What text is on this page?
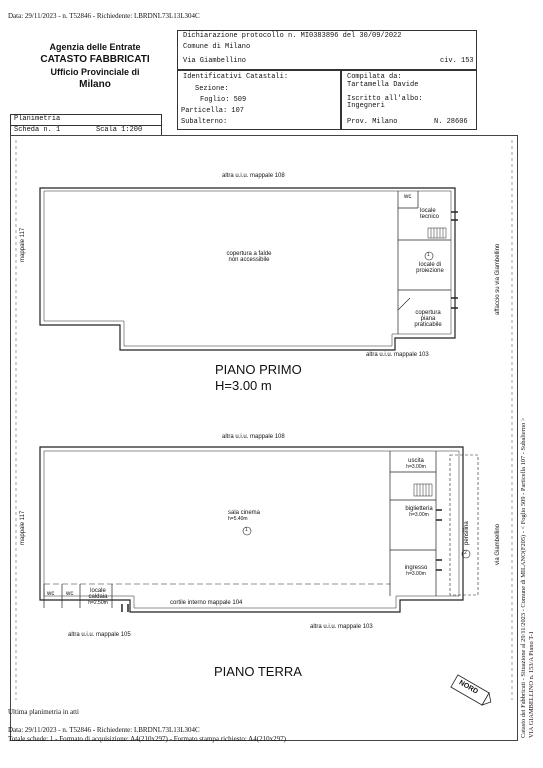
Data: 29/11/2023 - n. T52846 - Richiedente: LBRDNL73L13L304C
Agenzia delle Entrate
CATASTO FABBRICATI
Ufficio Provinciale di
Milano
Dichiarazione protocollo n. MI0383896 del 30/09/2022
Comune di Milano
Via Giambellino	civ. 153
Identificativi Catastali:
Sezione:
Foglio: 509
Particella: 107
Subalterno:
Compilata da:
Tartamella Davide
Iscritto all'albo:
Ingegneri
Prov. Milano	N. 28606
Planimetria
Scheda n. 1	Scala 1:200
altra u.i.u. mappale 108
mappale 117	affaccio su via Giambellino
copertura a falde
non accessibile
wc
locale
tecnico
1
locale di
proiezione
copertura
piana
praticabile
altra u.i.u. mappale 103
PIANO PRIMO
H=3.00 m
altra u.i.u. mappale 108
mappale 117	via Giambellino
uscita
h=3.00m
sala cinema
h=5.40m
1
biglietteria
h=3.00m
pensilina
2
ingresso
h=3.00m
wc wc	locale
caldaia
h=2.50m	cortile interno mappale 104
altra u.i.u. mappale 105
altra u.i.u. mappale 103
PIANO TERRA
NORD	Catasto dei Fabbricati - Situazione al 29/11/2023 - Comune di MILANO(F205) - < Foglio 509 - Particella 107 - Subalterno > VIA GIAMBELLINO n. 153/A Piano T-1
Ultima planimetria in atti
Data: 29/11/2023 - n. T52846 - Richiedente: LBRDNL73L13L304C
Totale schede: 1 - Formato di acquisizione: A4(210x297) - Formato stampa richiesto: A4(210x297)
